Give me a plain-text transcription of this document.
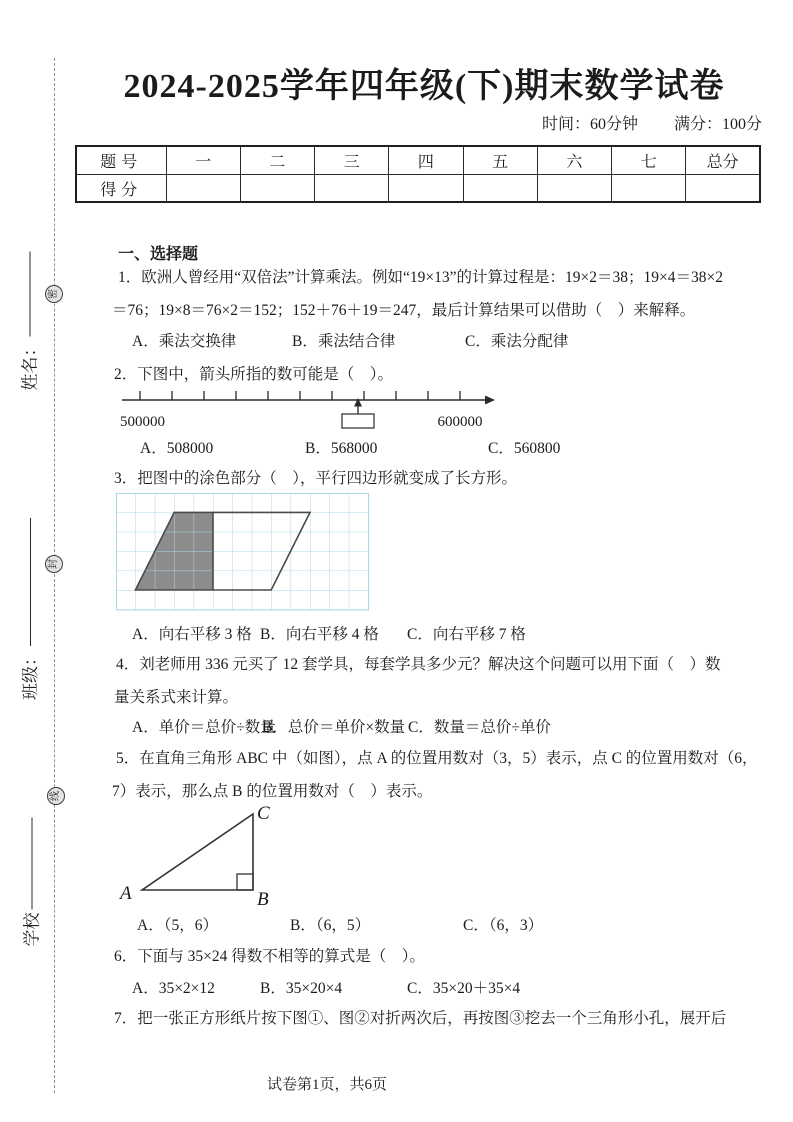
密
封
线
姓名：
班级：
学校
2024-2025学年四年级(下)期末数学试卷
时间：60分钟 满分：100分
题号	一	二	三	四	五	六	七	总分
得分								
一、选择题
1．欧洲人曾经用“双倍法”计算乘法。例如“19×13”的计算过程是：19×2＝38；19×4＝38×2
＝76；19×8＝76×2＝152；152＋76＋19＝247，最后计算结果可以借助（　）来解释。
A．乘法交换律	B．乘法结合律	C．乘法分配律
2．下图中，箭头所指的数可能是（　）。
500000	600000
A．508000	B．568000	C．560800
3．把图中的涂色部分（　），平行四边形就变成了长方形。
A．向右平移 3 格 B．向右平移 4 格 C．向右平移 7 格
4．刘老师用 336 元买了 12 套学具，每套学具多少元？解决这个问题可以用下面（　）数
量关系式来计算。
A．单价＝总价÷数量
B．总价＝单价×数量 C．数量＝总价÷单价
5．在直角三角形 ABC 中（如图），点 A 的位置用数对（3，5）表示，点 C 的位置用数对（6，
7）表示，那么点 B 的位置用数对（　）表示。
A	B
C
A．（5，6）	B．（6，5）	C．（6，3）
6．下面与 35×24 得数不相等的算式是（　）。
A．35×2×12	B．35×20×4	C．35×20＋35×4
7．把一张正方形纸片按下图①、图②对折两次后，再按图③挖去一个三角形小孔，展开后
试卷第1页，共6页
